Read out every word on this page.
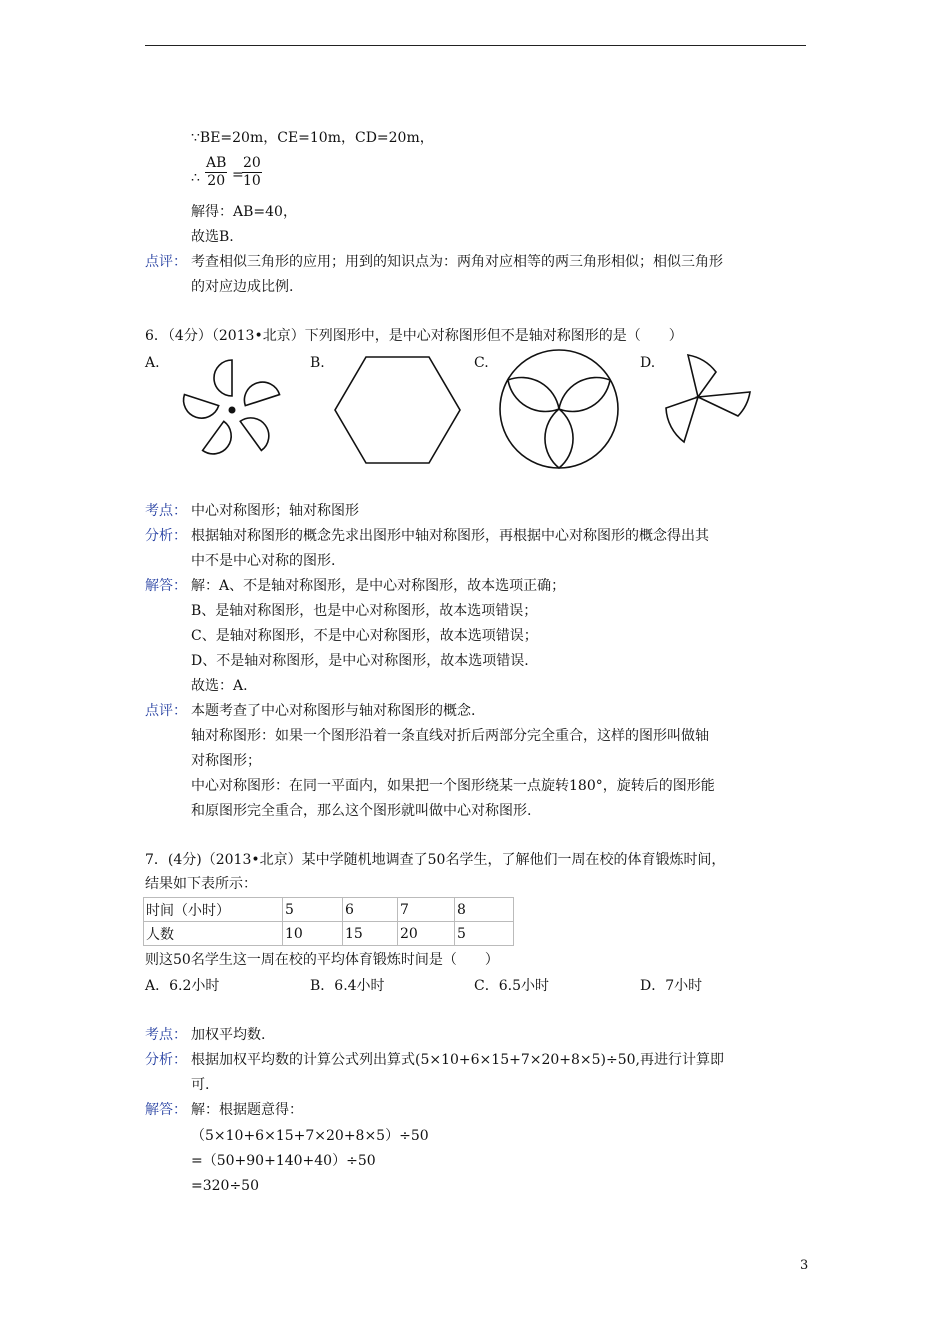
∵BE=20m，CE=10m，CD=20m，
∴ $\frac{AB}{20}$ =
$\frac{20}{10}$
解得：AB=40，
故选B.
点评： 考查相似三角形的应用；用到的知识点为：两角对应相等的两三角形相似；相似三角形
的对应边成比例.
6．（4分）（2013•北京）下列图形中，是中心对称图形但不是轴对称图形的是（　　）
A.	B.	C.	D.
考点： 中心对称图形；轴对称图形
分析： 根据轴对称图形的概念先求出图形中轴对称图形，再根据中心对称图形的概念得出其
中不是中心对称的图形.
解答： 解：A、不是轴对称图形，是中心对称图形，故本选项正确；
B、是轴对称图形，也是中心对称图形，故本选项错误；
C、是轴对称图形，不是中心对称图形，故本选项错误；
D、不是轴对称图形，是中心对称图形，故本选项错误.
故选：A.
点评： 本题考查了中心对称图形与轴对称图形的概念.
轴对称图形：如果一个图形沿着一条直线对折后两部分完全重合，这样的图形叫做轴
对称图形；
中心对称图形：在同一平面内，如果把一个图形绕某一点旋转180°，旋转后的图形能
和原图形完全重合，那么这个图形就叫做中心对称图形.
7．(4分)（2013•北京）某中学随机地调查了50名学生，了解他们一周在校的体育锻炼时间，
结果如下表所示：
时间（小时）	5	6	7	8
人数	10	15	20	5
则这50名学生这一周在校的平均体育锻炼时间是（　　）
A．6.2小时	B．6.4小时	C．6.5小时	D．7小时
考点： 加权平均数.
分析： 根据加权平均数的计算公式列出算式(5×10+6×15+7×20+8×5)÷50,再进行计算即
可.
解答： 解：根据题意得：
（5×10+6×15+7×20+8×5）÷50
=（50+90+140+40）÷50
=320÷50
3
